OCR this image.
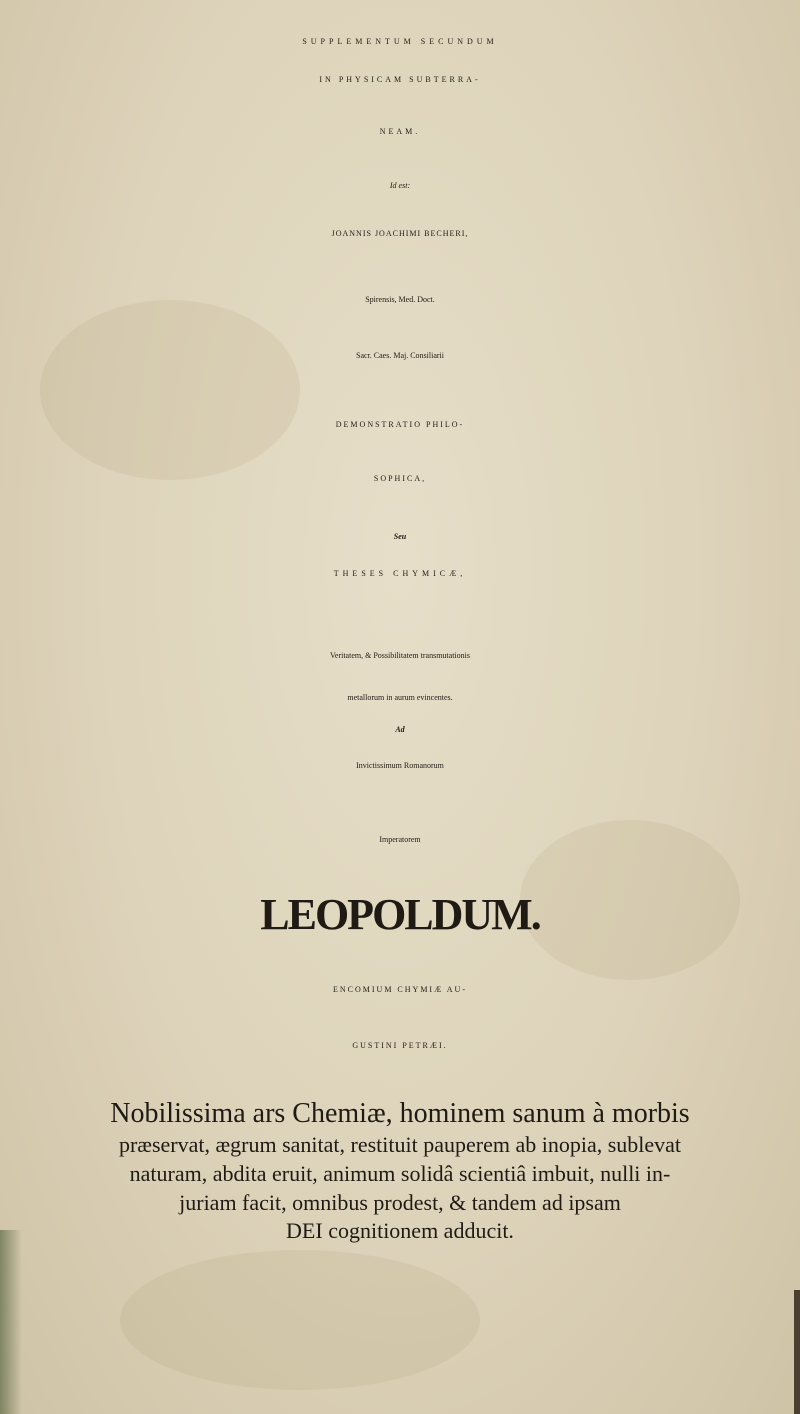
SUPPLEMENTUM SECUNDUM
IN PHYSICAM SUBTERRA-
NEAM.
Id est:
JOANNIS JOACHIMI BECHERI,
Spirensis, Med. Doct.
Sacr. Caes. Maj. Consiliarii
DEMONSTRATIO PHILO-
SOPHICA,
Seu
THESES CHYMICÆ,
Veritatem, & Possibilitatem transmutationis
metallorum in aurum evincentes.
Ad
Invictissimum Romanorum
Imperatorem
LEOPOLDUM.
ENCOMIUM CHYMIÆ AU-
GUSTINI PETRÆI.
Nobilissima ars Chemiæ, hominem sanum à morbis
præservat, ægrum sanitat, restituit pauperem ab inopia, sublevat
naturam, abdita eruit, animum solidâ scientiâ imbuit, nulli in-
juriam facit, omnibus prodest, & tandem ad ipsam
DEI cognitionem adducit.
